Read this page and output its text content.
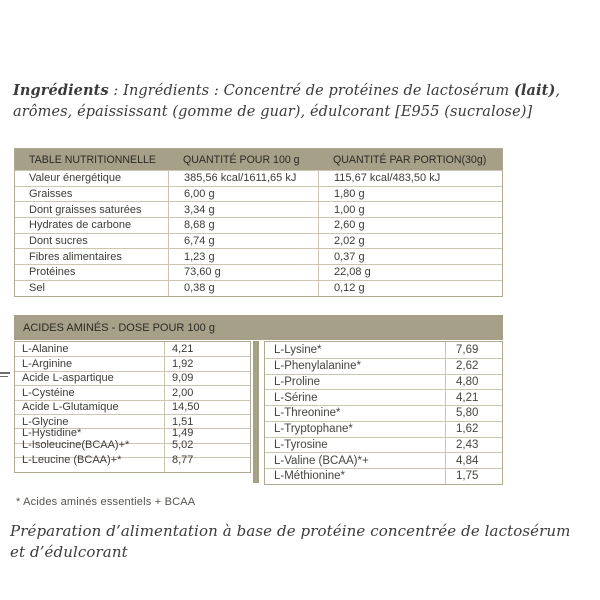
Ingrédients : Ingrédients : Concentré de protéines de lactosérum (lait), arômes, épaississant (gomme de guar), édulcorant [E955 (sucralose)]

TABLE NUTRITIONNELLE	QUANTITÉ POUR 100 g	QUANTITÉ PAR PORTION(30g)
Valeur énergétique	385,56 kcal/1611,65 kJ	115,67 kcal/483,50 kJ
Graisses	6,00 g	1,80 g
Dont graisses saturées	3,34 g	1,00 g
Hydrates de carbone	8,68 g	2,60 g
Dont sucres	6,74 g	2,02 g
Fibres alimentaires	1,23 g	0,37 g
Protéines	73,60 g	22,08 g
Sel	0,38 g	0,12 g
ACIDES AMINÉS - DOSE POUR 100 g
L-Alanine	4,21
L-Arginine	1,92
Acide L-aspartique	9,09
L-Cystéine	2,00
Acide L-Glutamique	14,50
L-Glycine	1,51
L-Hystidine*	1,49
L-Isoleucine(BCAA)+*	5,02
L-Leucine (BCAA)+*	8,77
L-Lysine*	7,69
L-Phenylalanine*	2,62
L-Proline	4,80
L-Sérine	4,21
L-Threonine*	5,80
L-Tryptophane*	1,62
L-Tyrosine	2,43
L-Valine (BCAA)*+	4,84
L-Méthionine*	1,75

* Acides aminés essentiels + BCAA

Préparation d’alimentation à base de protéine concentrée de lactosérum et d’édulcorant
